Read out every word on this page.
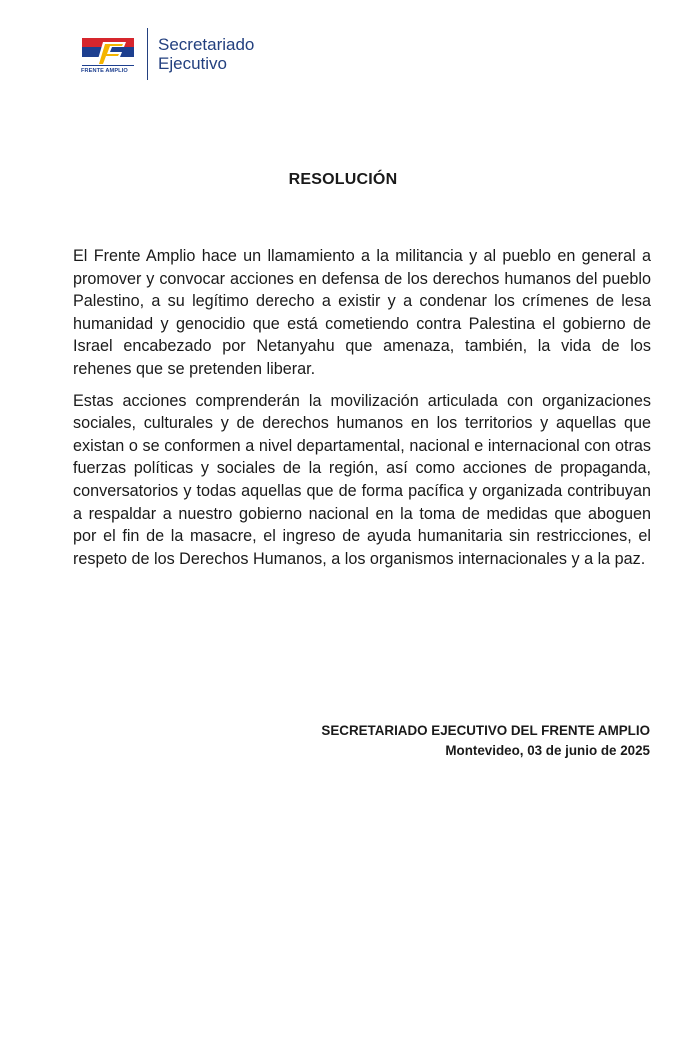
FRENTE AMPLIO
Secretariado
Ejecutivo
RESOLUCIÓN

El Frente Amplio hace un llamamiento a la militancia y al pueblo en general a promover y convocar acciones en defensa de los derechos humanos del pueblo Palestino, a su legítimo derecho a existir y a condenar los crímenes de lesa humanidad y genocidio que está cometiendo contra Palestina el gobierno de Israel encabezado por Netanyahu que amenaza, también, la vida de los rehenes que se pretenden liberar.

Estas acciones comprenderán la movilización articulada con organizaciones sociales, culturales y de derechos humanos en los territorios y aquellas que existan o se conformen a nivel departamental, nacional e internacional con otras fuerzas políticas y sociales de la región, así como acciones de propaganda, conversatorios y todas aquellas que de forma pacífica y organizada contribuyan a respaldar a nuestro gobierno nacional en la toma de medidas que aboguen por el fin de la masacre, el ingreso de ayuda humanitaria sin restricciones, el respeto de los Derechos Humanos, a los organismos internacionales y a la paz.

SECRETARIADO EJECUTIVO DEL FRENTE AMPLIO
Montevideo, 03 de junio de 2025
